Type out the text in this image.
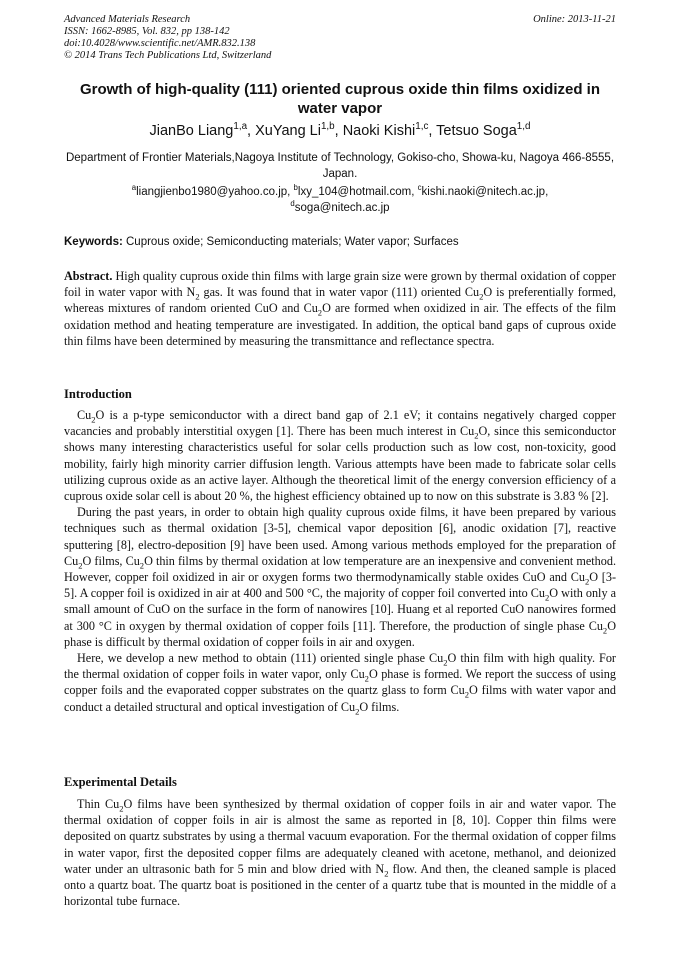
Advanced Materials Research
ISSN: 1662-8985, Vol. 832, pp 138-142
doi:10.4028/www.scientific.net/AMR.832.138
© 2014 Trans Tech Publications Ltd, Switzerland
Online: 2013-11-21
Growth of high-quality (111) oriented cuprous oxide thin films oxidized in water vapor
JianBo Liang$^{1,a}$, XuYang Li$^{1,b}$, Naoki Kishi$^{1,c}$, Tetsuo Soga$^{1,d}$
Department of Frontier Materials,Nagoya Institute of Technology, Gokiso-cho, Showa-ku, Nagoya 466-8555, Japan.
$^a$liangjienbo1980@yahoo.co.jp, $^b$lxy_104@hotmail.com, $^c$kishi.naoki@nitech.ac.jp,
$^d$soga@nitech.ac.jp
Keywords: Cuprous oxide; Semiconducting materials; Water vapor; Surfaces

Abstract. High quality cuprous oxide thin films with large grain size were grown by thermal oxidation of copper foil in water vapor with $N_2$ gas. It was found that in water vapor (111) oriented $Cu_2O$ is preferentially formed, whereas mixtures of random oriented CuO and $Cu_2O$ are formed when oxidized in air. The effects of the film oxidation method and heating temperature are investigated. In addition, the optical band gaps of cuprous oxide thin films have been determined by measuring the transmittance and reflectance spectra.

Introduction

$Cu_2O$ is a p-type semiconductor with a direct band gap of 2.1 eV; it contains negatively charged copper vacancies and probably interstitial oxygen [1]. There has been much interest in $Cu_2O$, since this semiconductor shows many interesting characteristics useful for solar cells production such as low cost, non-toxicity, good mobility, fairly high minority carrier diffusion length. Various attempts have been made to fabricate solar cells utilizing cuprous oxide as an active layer. Although the theoretical limit of the energy conversion efficiency of a cuprous oxide solar cell is about 20 %, the highest efficiency obtained up to now on this substrate is 3.83 % [2].

During the past years, in order to obtain high quality cuprous oxide films, it have been prepared by various techniques such as thermal oxidation [3-5], chemical vapor deposition [6], anodic oxidation [7], reactive sputtering [8], electro-deposition [9] have been used. Among various methods employed for the preparation of $Cu_2O$ films, $Cu_2O$ thin films by thermal oxidation at low temperature are an inexpensive and convenient method. However, copper foil oxidized in air or oxygen forms two thermodynamically stable oxides CuO and $Cu_2O$ [3-5]. A copper foil is oxidized in air at 400 and 500 °C, the majority of copper foil converted into $Cu_2O$ with only a small amount of CuO on the surface in the form of nanowires [10]. Huang et al reported CuO nanowires formed at 300 °C in oxygen by thermal oxidation of copper foils [11]. Therefore, the production of single phase $Cu_2O$ phase is difficult by thermal oxidation of copper foils in air and oxygen.

Here, we develop a new method to obtain (111) oriented single phase $Cu_2O$ thin film with high quality. For the thermal oxidation of copper foils in water vapor, only $Cu_2O$ phase is formed. We report the success of using copper foils and the evaporated copper substrates on the quartz glass to form $Cu_2O$ films with water vapor and conduct a detailed structural and optical investigation of $Cu_2O$ films.

Experimental Details

Thin $Cu_2O$ films have been synthesized by thermal oxidation of copper foils in air and water vapor. The thermal oxidation of copper foils in air is almost the same as reported in [8, 10]. Copper thin films were deposited on quartz substrates by using a thermal vacuum evaporation. For the thermal oxidation of copper films in water vapor, first the deposited copper films are adequately cleaned with acetone, methanol, and deionized water under an ultrasonic bath for 5 min and blow dried with $N_2$ flow. And then, the cleaned sample is placed onto a quartz boat. The quartz boat is positioned in the center of a quartz tube that is mounted in the middle of a horizontal tube furnace.
